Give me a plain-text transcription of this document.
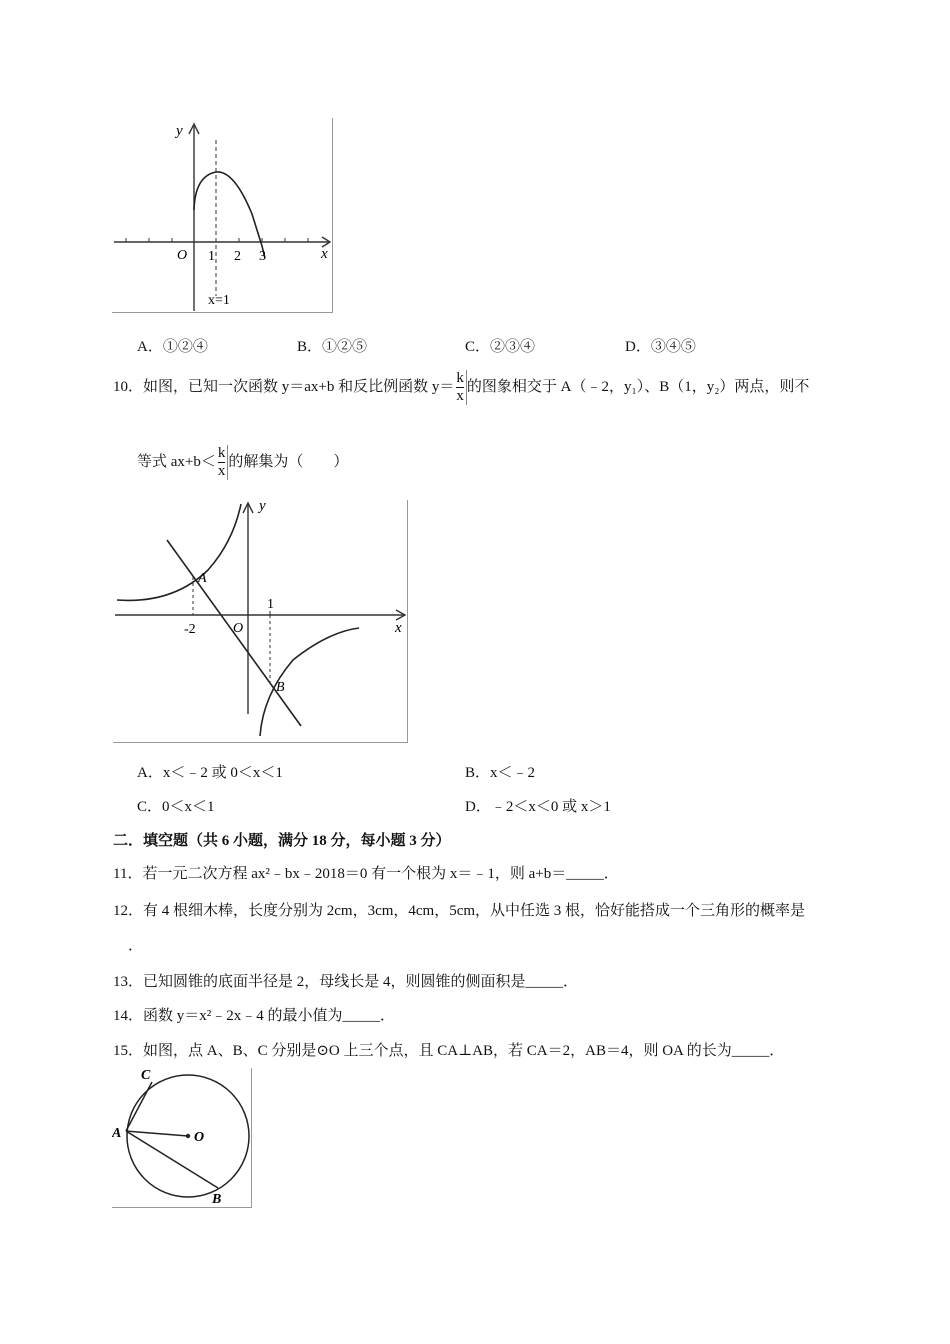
y
x
O 1 2 3
x=1
A．①②④	B．①②⑤	C．②③④	D．③④⑤
10．如图，已知一次函数 y＝ax+b 和反比例函数 $y= \frac{k}{x}$ 的图象相交于 A（﹣2，y₁）、B（1，y₂）两点，则不
等式 $ax+b< \frac{k}{x}$ 的解集为（　　）
y
x
O
A
B
-2
1
A．x＜﹣2 或 0＜x＜1	B．x＜﹣2
C．0＜x＜1	D．﹣2＜x＜0 或 x＞1
二．填空题（共 6 小题，满分 18 分，每小题 3 分）
11．若一元二次方程 ax²﹣bx﹣2018＝0 有一个根为 x＝﹣1，则 a+b＝_____．
12．有 4 根细木棒，长度分别为 2cm，3cm，4cm，5cm，从中任选 3 根，恰好能搭成一个三角形的概率是
．
13．已知圆锥的底面半径是 2，母线长是 4，则圆锥的侧面积是_____．
14．函数 y＝x²﹣2x﹣4 的最小值为_____．
15．如图，点 A、B、C 分别是⊙O 上三个点，且 CA⊥AB，若 CA＝2，AB＝4，则 OA 的长为_____．
C
A	O
B
